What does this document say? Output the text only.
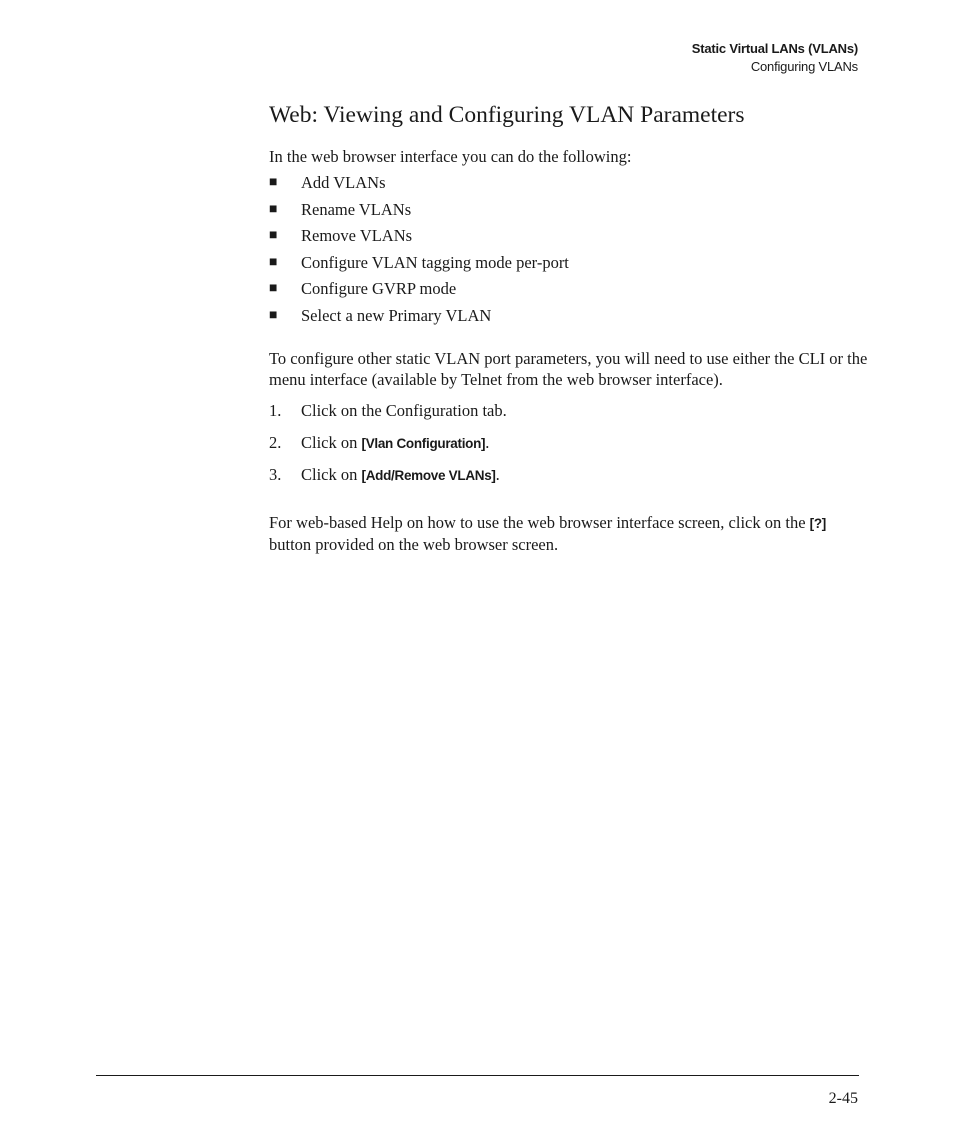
Static Virtual LANs (VLANs)
Configuring VLANs
Web: Viewing and Configuring VLAN Parameters

In the web browser interface you can do the following:

■	Add VLANs
■	Rename VLANs
■	Remove VLANs
■	Configure VLAN tagging mode per-port
■	Configure GVRP mode
■	Select a new Primary VLAN

To configure other static VLAN port parameters, you will need to use either the CLI or the menu interface (available by Telnet from the web browser interface).

1.	Click on the Configuration tab.
2.	Click on [Vlan Configuration].
3.	Click on [Add/Remove VLANs].

For web-based Help on how to use the web browser interface screen, click on the [?] button provided on the web browser screen.

2-45
